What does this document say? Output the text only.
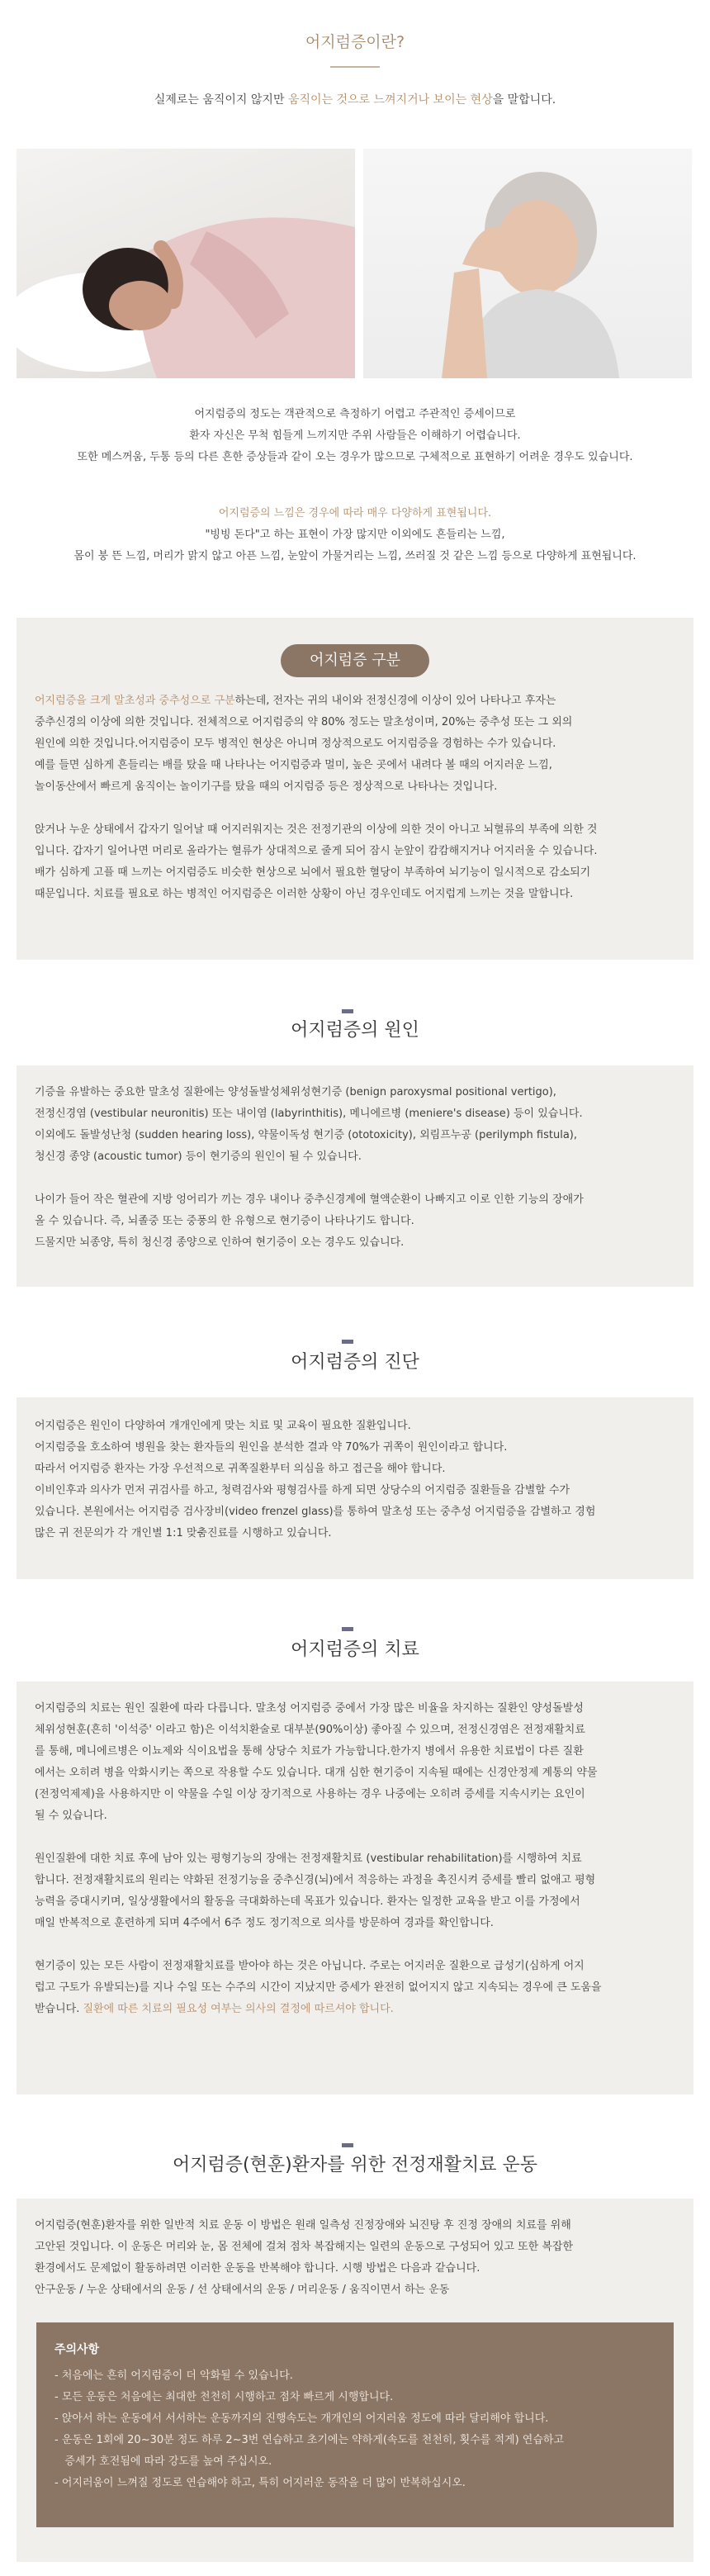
어지럼증이란?
실제로는 움직이지 않지만 움직이는 것으로 느껴지거나 보이는 현상을 말합니다.
어지럼증의 정도는 객관적으로 측정하기 어렵고 주관적인 증세이므로
환자 자신은 무척 힘들게 느끼지만 주위 사람들은 이해하기 어렵습니다.
또한 메스꺼움, 두통 등의 다른 흔한 증상들과 같이 오는 경우가 많으므로 구체적으로 표현하기 어려운 경우도 있습니다.
어지럼증의 느낌은 경우에 따라 매우 다양하게 표현됩니다.
"빙빙 돈다"고 하는 표현이 가장 많지만 이외에도 흔들리는 느낌,
몸이 붕 뜬 느낌, 머리가 맑지 않고 아픈 느낌, 눈앞이 가물거리는 느낌, 쓰러질 것 같은 느낌 등으로 다양하게 표현됩니다.

어지럼증을 크게 말초성과 중추성으로 구분하는데, 전자는 귀의 내이와 전정신경에 이상이 있어 나타나고 후자는

중추신경의 이상에 의한 것입니다. 전체적으로 어지럼증의 약 80% 정도는 말초성이며, 20%는 중추성 또는 그 외의

원인에 의한 것입니다.어지럼증이 모두 병적인 현상은 아니며 정상적으로도 어지럼증을 경험하는 수가 있습니다.

예를 들면 심하게 흔들리는 배를 탔을 때 나타나는 어지럼증과 멀미, 높은 곳에서 내려다 볼 때의 어지러운 느낌,

놀이동산에서 빠르게 움직이는 놀이기구를 탔을 때의 어지럼증 등은 정상적으로 나타나는 것입니다.

앉거나 누운 상태에서 갑자기 일어날 때 어지러워지는 것은 전정기관의 이상에 의한 것이 아니고 뇌혈류의 부족에 의한 것

입니다. 갑자기 일어나면 머리로 올라가는 혈류가 상대적으로 줄게 되어 잠시 눈앞이 캄캄해지거나 어지러울 수 있습니다.

배가 심하게 고플 때 느끼는 어지럼증도 비슷한 현상으로 뇌에서 필요한 혈당이 부족하여 뇌기능이 일시적으로 감소되기

때문입니다. 치료를 필요로 하는 병적인 어지럼증은 이러한 상황이 아닌 경우인데도 어지럽게 느끼는 것을 말합니다.

어지럼증 구분
어지럼증의 원인

기증을 유발하는 중요한 말초성 질환에는 양성돌발성체위성현기증 (benign paroxysmal positional vertigo),

전정신경염 (vestibular neuronitis) 또는 내이염 (labyrinthitis), 메니에르병 (meniere's disease) 등이 있습니다.

이외에도 돌발성난청 (sudden hearing loss), 약물이독성 현기증 (ototoxicity), 외림프누공 (perilymph fistula),

청신경 종양 (acoustic tumor) 등이 현기증의 원인이 될 수 있습니다.

나이가 들어 작은 혈관에 지방 엉어리가 끼는 경우 내이나 중추신경계에 혈액순환이 나빠지고 이로 인한 기능의 장애가

올 수 있습니다. 즉, 뇌졸중 또는 중풍의 한 유형으로 현기증이 나타나기도 합니다.

드물지만 뇌종양, 특히 청신경 종양으로 인하여 현기증이 오는 경우도 있습니다.

어지럼증의 진단

어지럼증은 원인이 다양하여 개개인에게 맞는 치료 및 교육이 필요한 질환입니다.

어지럼증을 호소하여 병원을 찾는 환자들의 원인을 분석한 결과 약 70%가 귀쪽이 원인이라고 합니다.

따라서 어지럼증 환자는 가장 우선적으로 귀쪽질환부터 의심을 하고 접근을 해야 합니다.

이비인후과 의사가 먼저 귀검사를 하고, 청력검사와 평형검사를 하게 되면 상당수의 어지럼증 질환들을 감별할 수가

있습니다. 본원에서는 어지럼증 검사장비(video frenzel glass)를 통하여 말초성 또는 중추성 어지럼증을 감별하고 경험

많은 귀 전문의가 각 개인별 1:1 맞춤진료를 시행하고 있습니다.

어지럼증의 치료

어지럼증의 치료는 원인 질환에 따라 다릅니다. 말초성 어지럼증 중에서 가장 많은 비율을 차지하는 질환인 양성돌발성

체위성현훈(흔히 '이석증' 이라고 함)은 이석치환술로 대부분(90%이상) 좋아질 수 있으며, 전정신경염은 전정재활치료

를 통해, 메니에르병은 이뇨제와 식이요법을 통해 상당수 치료가 가능합니다.한가지 병에서 유용한 치료법이 다른 질환

에서는 오히려 병을 악화시키는 쪽으로 작용할 수도 있습니다. 대개 심한 현기증이 지속될 때에는 신경안정제 계통의 약물

(전정억제제)을 사용하지만 이 약물을 수일 이상 장기적으로 사용하는 경우 나중에는 오히려 증세를 지속시키는 요인이

될 수 있습니다.

원인질환에 대한 치료 후에 남아 있는 평형기능의 장애는 전정재활치료 (vestibular rehabilitation)를 시행하여 치료

합니다. 전정재활치료의 원리는 약화된 전정기능을 중추신경(뇌)에서 적응하는 과정을 촉진시켜 증세를 빨리 없애고 평형

능력을 증대시키며, 일상생활에서의 활동을 극대화하는데 목표가 있습니다. 환자는 일정한 교육을 받고 이를 가정에서

매일 반복적으로 훈련하게 되며 4주에서 6주 정도 정기적으로 의사를 방문하여 경과를 확인합니다.

현기증이 있는 모든 사람이 전정재활치료를 받아야 하는 것은 아닙니다. 주로는 어지러운 질환으로 급성기(심하게 어지

럽고 구토가 유발되는)를 지나 수일 또는 수주의 시간이 지났지만 증세가 완전히 없어지지 않고 지속되는 경우에 큰 도움을

받습니다. 질환에 따른 치료의 필요성 여부는 의사의 결정에 따르셔야 합니다.

어지럼증(현훈)환자를 위한 전정재활치료 운동

어지럼증(현훈)환자를 위한 일반적 치료 운동 이 방법은 원래 일측성 진정장애와 뇌진탕 후 진정 장애의 치료를 위해

고안된 것입니다. 이 운동은 머리와 눈, 몸 전체에 걸쳐 점차 복잡해지는 일련의 운동으로 구성되어 있고 또한 복잡한

환경에서도 문제없이 활동하려면 이러한 운동을 반복해야 합니다. 시행 방법은 다음과 같습니다.

안구운동 / 누운 상태에서의 운동 / 선 상태에서의 운동 / 머리운동 / 움직이면서 하는 운동

주의사항
- 처음에는 흔히 어지럼증이 더 악화될 수 있습니다.
- 모든 운동은 처음에는 최대한 천천히 시행하고 점차 빠르게 시행합니다.
- 앉아서 하는 운동에서 서서하는 운동까지의 진행속도는 개개인의 어지러움 정도에 따라 달리해야 합니다.
- 운동은 1회에 20~30분 정도 하루 2~3번 연습하고 초기에는 약하게(속도를 천천히, 횟수를 적게) 연습하고
증세가 호전됨에 따라 강도를 높여 주십시오.
- 어지러움이 느껴질 정도로 연습해야 하고, 특히 어지러운 동작을 더 많이 반복하십시오.
